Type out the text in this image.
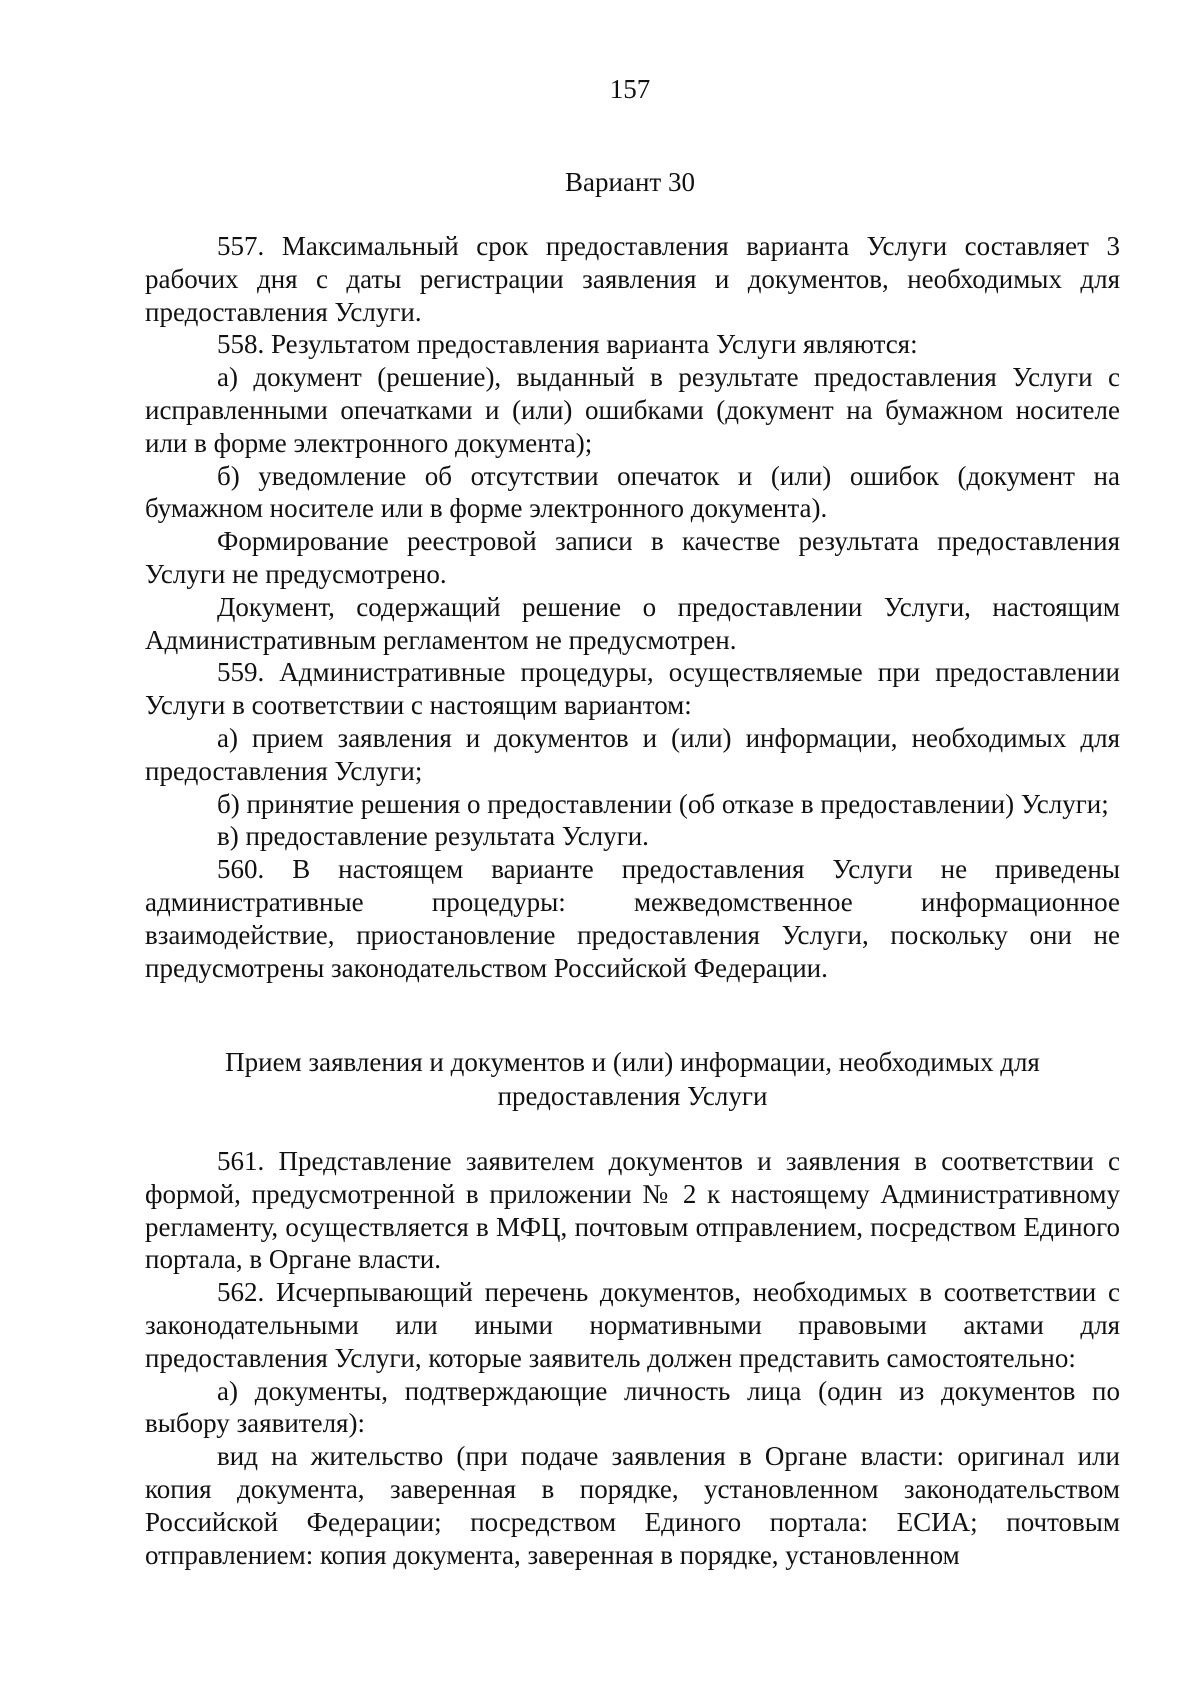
157
Вариант 30

557. Максимальный срок предоставления варианта Услуги составляет 3 рабочих дня с даты регистрации заявления и документов, необходимых для предоставления Услуги.

558. Результатом предоставления варианта Услуги являются:

а) документ (решение), выданный в результате предоставления Услуги с исправленными опечатками и (или) ошибками (документ на бумажном носителе или в форме электронного документа);

б) уведомление об отсутствии опечаток и (или) ошибок (документ на бумажном носителе или в форме электронного документа).

Формирование реестровой записи в качестве результата предоставления Услуги не предусмотрено.

Документ, содержащий решение о предоставлении Услуги, настоящим Административным регламентом не предусмотрен.

559. Административные процедуры, осуществляемые при предоставлении Услуги в соответствии с настоящим вариантом:

а) прием заявления и документов и (или) информации, необходимых для предоставления Услуги;

б) принятие решения о предоставлении (об отказе в предоставлении) Услуги;

в) предоставление результата Услуги.

560. В настоящем варианте предоставления Услуги не приведены административные процедуры: межведомственное информационное взаимодействие, приостановление предоставления Услуги, поскольку они не предусмотрены законодательством Российской Федерации.

Прием заявления и документов и (или) информации, необходимых для
предоставления Услуги

561. Представление заявителем документов и заявления в соответствии с формой, предусмотренной в приложении № 2 к настоящему Административному регламенту, осуществляется в МФЦ, почтовым отправлением, посредством Единого портала, в Органе власти.

562. Исчерпывающий перечень документов, необходимых в соответствии с законодательными или иными нормативными правовыми актами для предоставления Услуги, которые заявитель должен представить самостоятельно:

а) документы, подтверждающие личность лица (один из документов по выбору заявителя):

вид на жительство (при подаче заявления в Органе власти: оригинал или копия документа, заверенная в порядке, установленном законодательством Российской Федерации; посредством Единого портала: ЕСИА; почтовым отправлением: копия документа, заверенная в порядке, установленном
